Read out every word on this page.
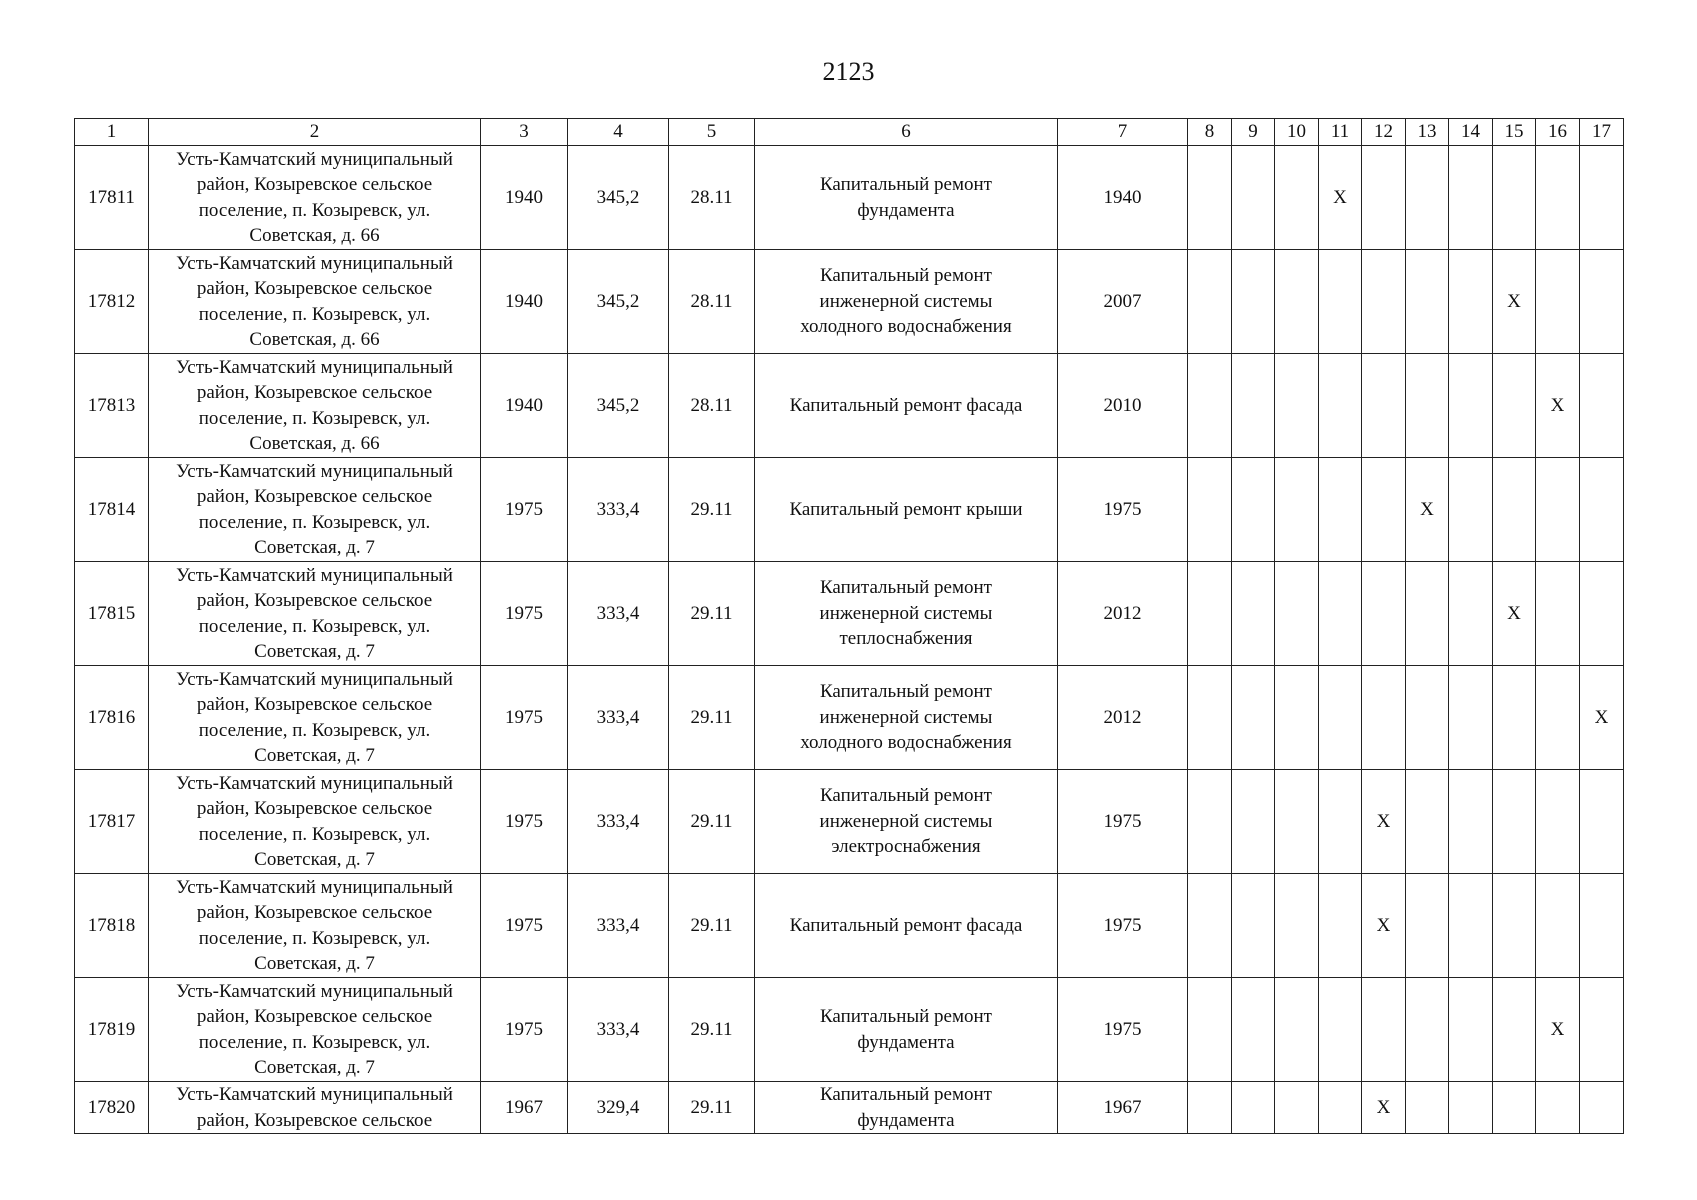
2123
1	2	3	4	5	6	7	8	9	10	11	12	13	14	15	16	17
17811	Усть-Камчатский муниципальный
район, Козыревское сельское
поселение, п. Козыревск, ул.
Советская, д. 66	1940	345,2	28.11	Капитальный ремонт
фундамента	1940				X						
17812	Усть-Камчатский муниципальный
район, Козыревское сельское
поселение, п. Козыревск, ул.
Советская, д. 66	1940	345,2	28.11	Капитальный ремонт
инженерной системы
холодного водоснабжения	2007								X		
17813	Усть-Камчатский муниципальный
район, Козыревское сельское
поселение, п. Козыревск, ул.
Советская, д. 66	1940	345,2	28.11	Капитальный ремонт фасада	2010									X	
17814	Усть-Камчатский муниципальный
район, Козыревское сельское
поселение, п. Козыревск, ул.
Советская, д. 7	1975	333,4	29.11	Капитальный ремонт крыши	1975						X				
17815	Усть-Камчатский муниципальный
район, Козыревское сельское
поселение, п. Козыревск, ул.
Советская, д. 7	1975	333,4	29.11	Капитальный ремонт
инженерной системы
теплоснабжения	2012								X		
17816	Усть-Камчатский муниципальный
район, Козыревское сельское
поселение, п. Козыревск, ул.
Советская, д. 7	1975	333,4	29.11	Капитальный ремонт
инженерной системы
холодного водоснабжения	2012										X
17817	Усть-Камчатский муниципальный
район, Козыревское сельское
поселение, п. Козыревск, ул.
Советская, д. 7	1975	333,4	29.11	Капитальный ремонт
инженерной системы
электроснабжения	1975					X					
17818	Усть-Камчатский муниципальный
район, Козыревское сельское
поселение, п. Козыревск, ул.
Советская, д. 7	1975	333,4	29.11	Капитальный ремонт фасада	1975					X					
17819	Усть-Камчатский муниципальный
район, Козыревское сельское
поселение, п. Козыревск, ул.
Советская, д. 7	1975	333,4	29.11	Капитальный ремонт
фундамента	1975									X	
17820	Усть-Камчатский муниципальный
район, Козыревское сельское	1967	329,4	29.11	Капитальный ремонт
фундамента	1967					X					
